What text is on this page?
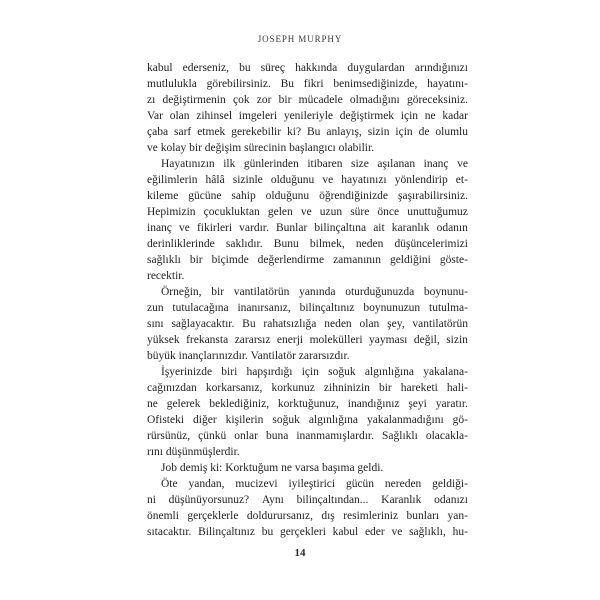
JOSEPH MURPHY
kabul ederseniz, bu süreç hakkında duygulardan arındığınızı
mutlulukla görebilirsiniz. Bu fikri benimsediğinizde, hayatını-
zı değiştirmenin çok zor bir mücadele olmadığını göreceksiniz.
Var olan zihinsel imgeleri yenileriyle değiştirmek için ne kadar
çaba sarf etmek gerekebilir ki? Bu anlayış, sizin için de olumlu
ve kolay bir değişim sürecinin başlangıcı olabilir.
Hayatınızın ilk günlerinden itibaren size aşılanan inanç ve
eğilimlerin hâlâ sizinle olduğunu ve hayatınızı yönlendirip et-
kileme gücüne sahip olduğunu öğrendiğinizde şaşırabilirsiniz.
Hepimizin çocukluktan gelen ve uzun süre önce unuttuğumuz
inanç ve fikirleri vardır. Bunlar bilinçaltına ait karanlık odanın
derinliklerinde saklıdır. Bunu bilmek, neden düşüncelerimizi
sağlıklı bir biçimde değerlendirme zamanının geldiğini göste-
recektir.
Örneğin, bir vantilatörün yanında oturduğunuzda boynunu-
zun tutulacağına inanırsanız, bilinçaltınız boynunuzun tutulma-
sını sağlayacaktır. Bu rahatsızlığa neden olan şey, vantilatörün
yüksek frekansta zararsız enerji molekülleri yayması değil, sizin
büyük inançlarınızdır. Vantilatör zararsızdır.
İşyerinizde biri hapşırdığı için soğuk algınlığına yakalana-
cağınızdan korkarsanız, korkunuz zihninizin bir hareketi hali-
ne gelerek beklediğiniz, korktuğunuz, inandığınız şeyi yaratır.
Ofisteki diğer kişilerin soğuk algınlığına yakalanmadığını gö-
rürsünüz, çünkü onlar buna inanmamışlardır. Sağlıklı olacakla-
rını düşünmüşlerdir.
Job demiş ki: Korktuğum ne varsa başıma geldi.
Öte yandan, mucizevi iyileştirici gücün nereden geldiği-
ni düşünüyorsunuz? Aynı bilinçaltından... Karanlık odanızı
önemli gerçeklerle doldurursanız, dış resimleriniz bunları yan-
sıtacaktır. Bilinçaltınız bu gerçekleri kabul eder ve sağlıklı, hu-
14
